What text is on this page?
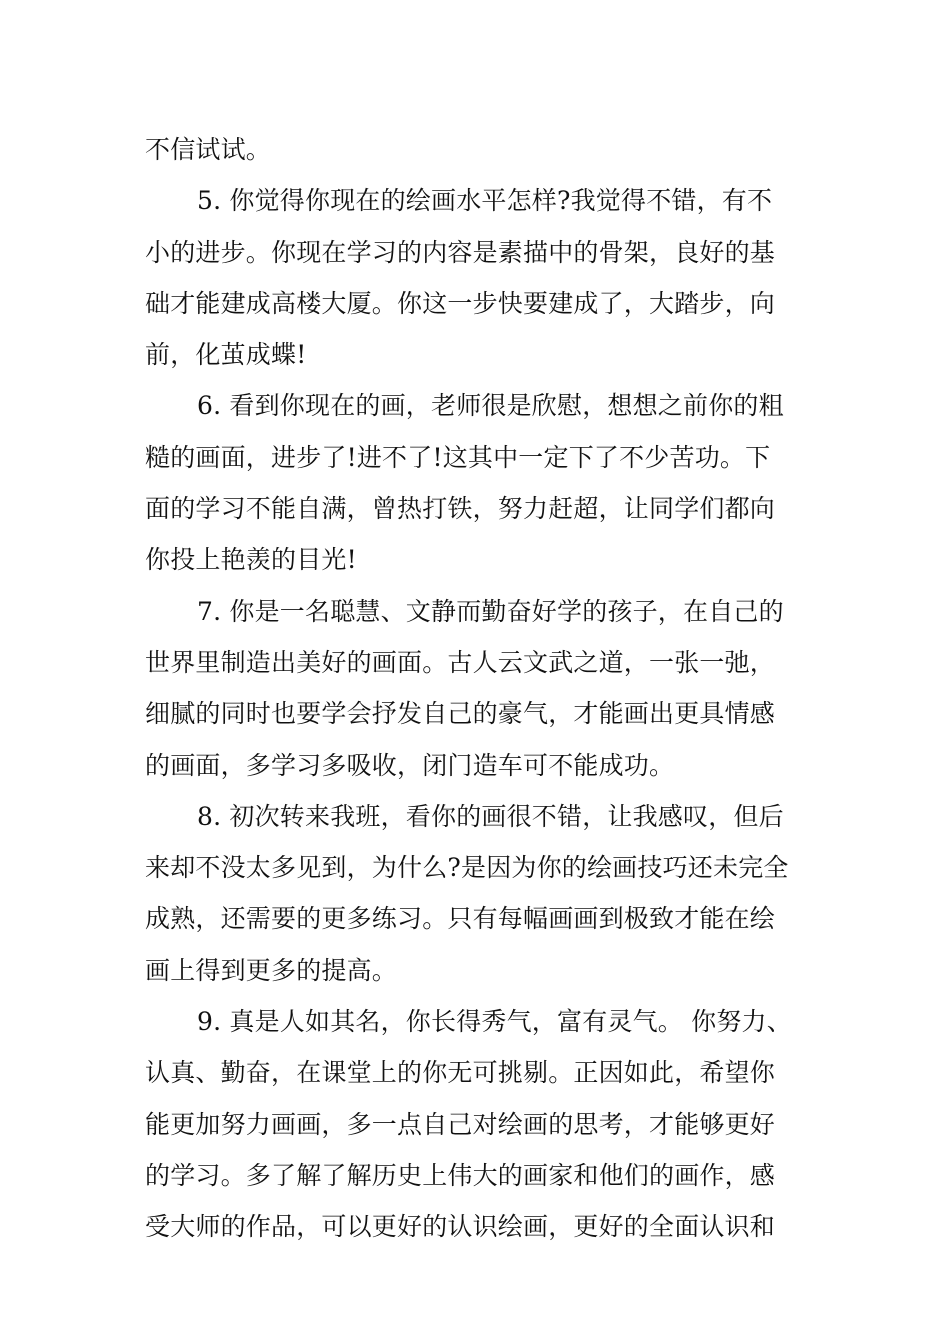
不信试试。
5. 你觉得你现在的绘画水平怎样?我觉得不错，有不
小的进步。你现在学习的内容是素描中的骨架，良好的基
础才能建成高楼大厦。你这一步快要建成了，大踏步，向
前，化茧成蝶!
6. 看到你现在的画，老师很是欣慰，想想之前你的粗
糙的画面，进步了!进不了!这其中一定下了不少苦功。下
面的学习不能自满，曾热打铁，努力赶超，让同学们都向
你投上艳羡的目光!
7. 你是一名聪慧、文静而勤奋好学的孩子，在自己的
世界里制造出美好的画面。古人云文武之道，一张一弛，
细腻的同时也要学会抒发自己的豪气，才能画出更具情感
的画面，多学习多吸收，闭门造车可不能成功。
8. 初次转来我班，看你的画很不错，让我感叹，但后
来却不没太多见到，为什么?是因为你的绘画技巧还未完全
成熟，还需要的更多练习。只有每幅画画到极致才能在绘
画上得到更多的提高。
9. 真是人如其名，你长得秀气，富有灵气。 你努力、
认真、勤奋，在课堂上的你无可挑剔。正因如此，希望你
能更加努力画画，多一点自己对绘画的思考，才能够更好
的学习。多了解了解历史上伟大的画家和他们的画作，感
受大师的作品，可以更好的认识绘画，更好的全面认识和
